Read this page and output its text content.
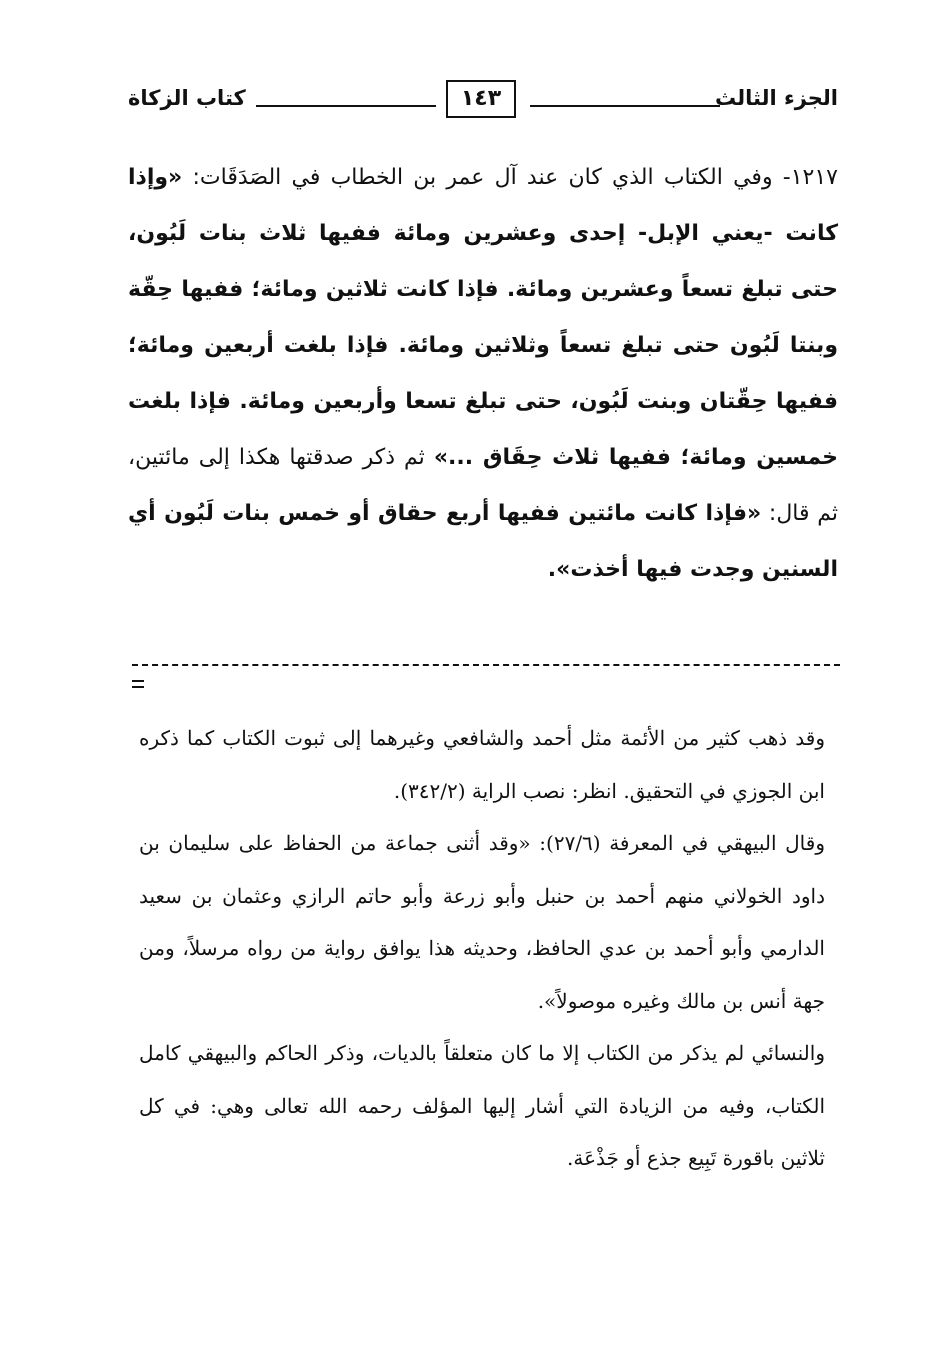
الجزء الثالث
١٤٣
كتاب الزكاة

١٢١٧- وفي الكتاب الذي كان عند آل عمر بن الخطاب في الصَدَقَات: «وإذا كانت -يعني الإبل- إحدى وعشرين ومائة ففيها ثلاث بنات لَبُون، حتى تبلغ تسعاً وعشرين ومائة. فإذا كانت ثلاثين ومائة؛ ففيها حِقّة وبنتا لَبُون حتى تبلغ تسعاً وثلاثين ومائة. فإذا بلغت أربعين ومائة؛ ففيها حِقّتان وبنت لَبُون، حتى تبلغ تسعا وأربعين ومائة. فإذا بلغت خمسين ومائة؛ ففيها ثلاث حِقَاق ...» ثم ذكر صدقتها هكذا إلى مائتين، ثم قال: «فإذا كانت مائتين ففيها أربع حقاق أو خمس بنات لَبُون أي السنين وجدت فيها أخذت».

وقد ذهب كثير من الأئمة مثل أحمد والشافعي وغيرهما إلى ثبوت الكتاب كما ذكره ابن الجوزي في التحقيق. انظر: نصب الراية (٣٤٢/٢).

وقال البيهقي في المعرفة (٢٧/٦): «وقد أثنى جماعة من الحفاظ على سليمان بن داود الخولاني منهم أحمد بن حنبل وأبو زرعة وأبو حاتم الرازي وعثمان بن سعيد الدارمي وأبو أحمد بن عدي الحافظ، وحديثه هذا يوافق رواية من رواه مرسلاً، ومن جهة أنس بن مالك وغيره موصولاً».

والنسائي لم يذكر من الكتاب إلا ما كان متعلقاً بالديات، وذكر الحاكم والبيهقي كامل الكتاب، وفيه من الزيادة التي أشار إليها المؤلف رحمه الله تعالى وهي: في كل ثلاثين باقورة تَبِيع جذع أو جَذْعَة.
